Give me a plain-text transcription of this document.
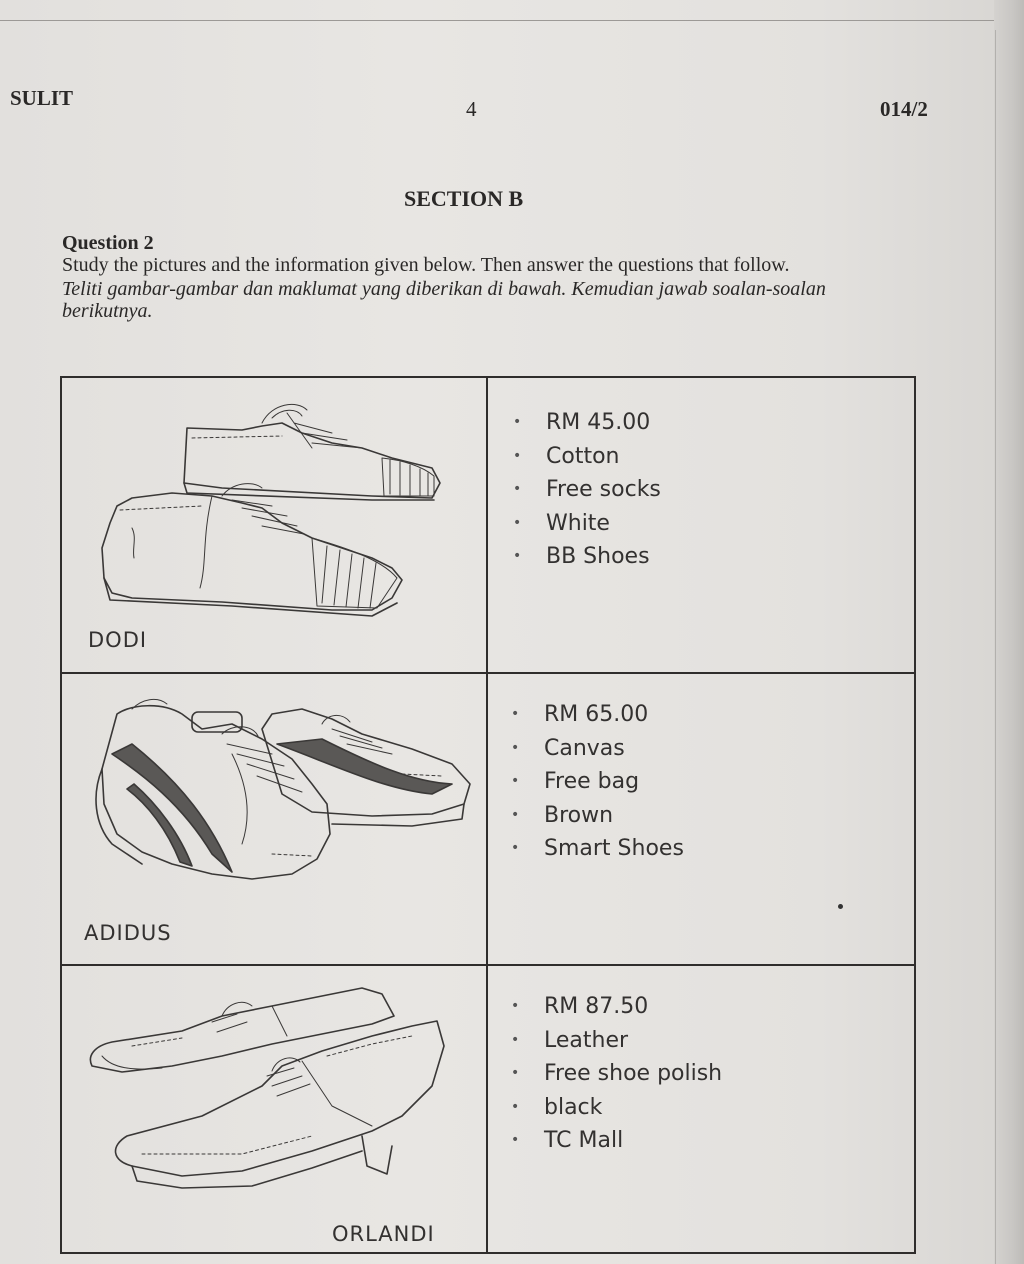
SULIT	4	014/2
SECTION B
Question 2
Study the pictures and the information given below. Then answer the questions that follow.
Teliti gambar-gambar dan maklumat yang diberikan di bawah. Kemudian jawab soalan-soalan berikutnya.
DODI
• RM 45.00
• Cotton
• Free socks
• White
• BB Shoes
ADIDUS
• RM 65.00
• Canvas
• Free bag
• Brown
• Smart Shoes
ORLANDI
• RM 87.50
• Leather
• Free shoe polish
• black
• TC Mall
